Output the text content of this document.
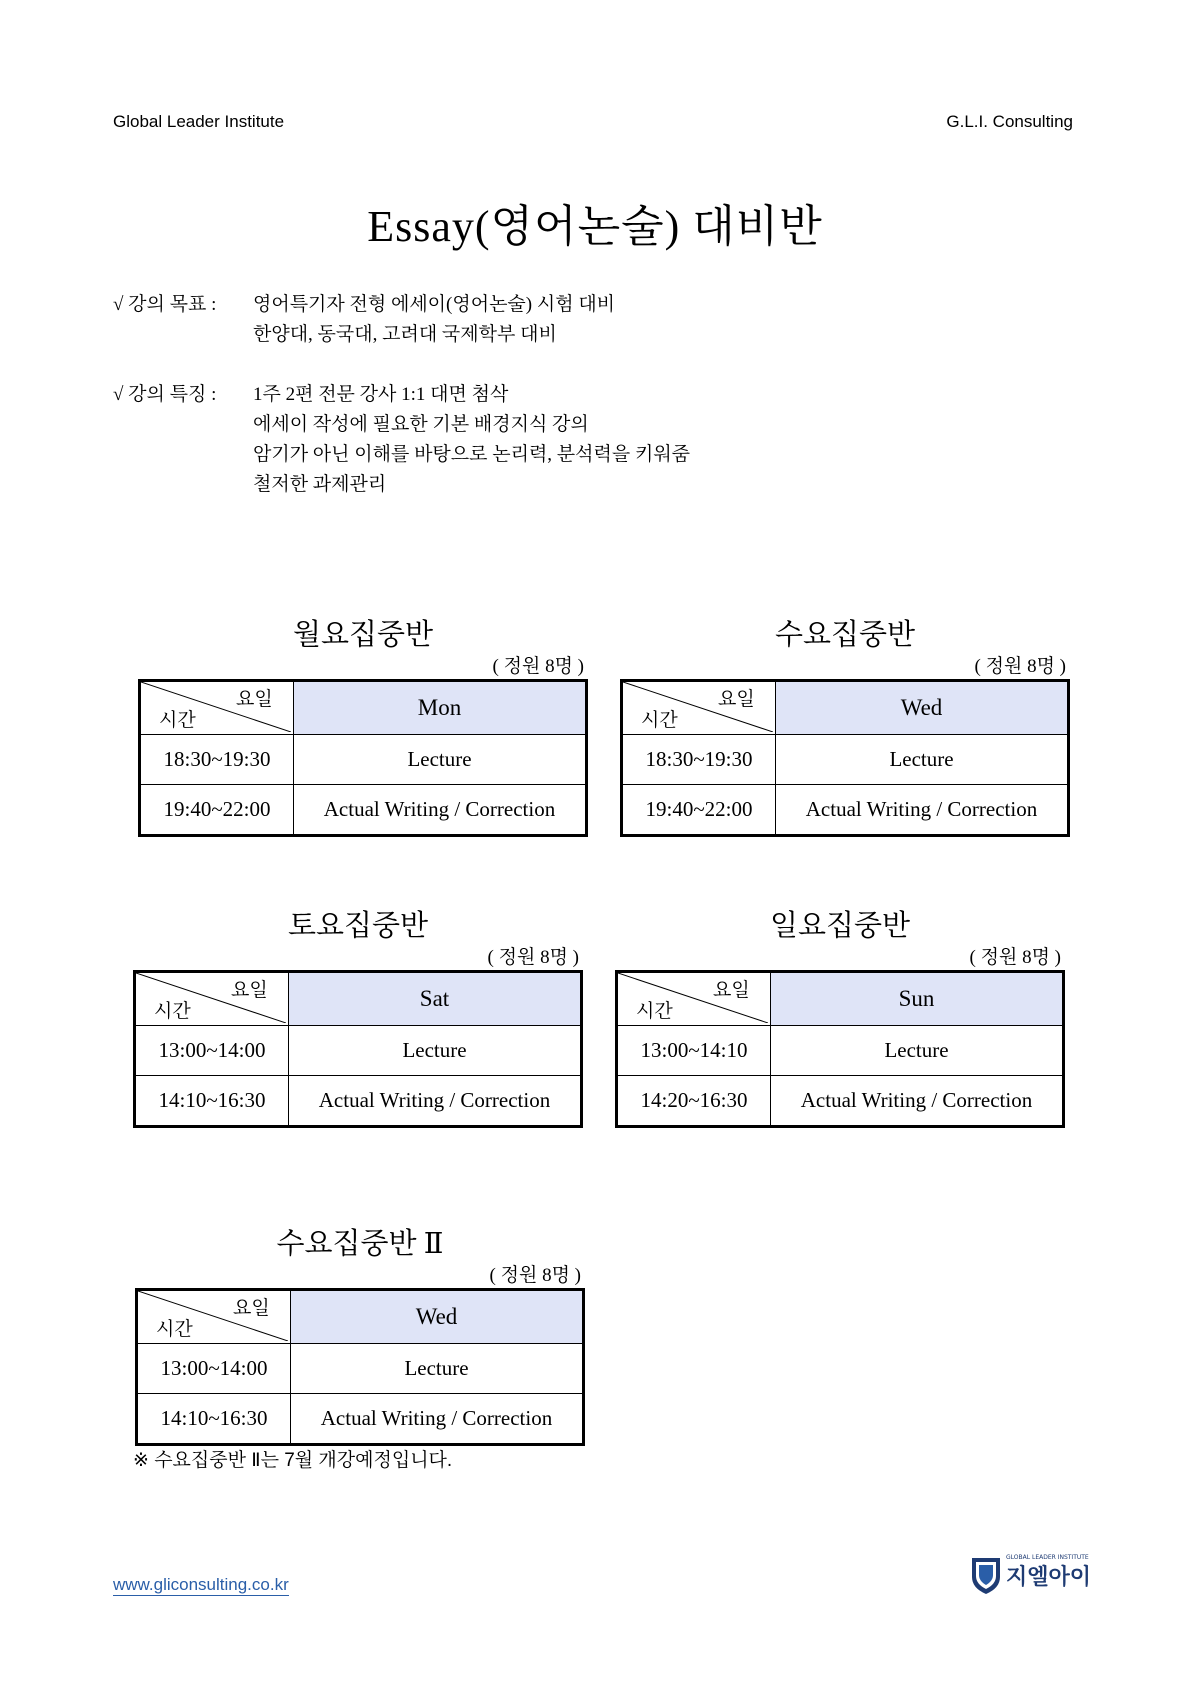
Global Leader Institute	G.L.I. Consulting
Essay(영어논술) 대비반
√ 강의 목표 :	영어특기자 전형 에세이(영어논술) 시험 대비
한양대, 동국대, 고려대 국제학부 대비
√ 강의 특징 :	1주 2편 전문 강사 1:1 대면 첨삭
에세이 작성에 필요한 기본 배경지식 강의
암기가 아닌 이해를 바탕으로 논리력, 분석력을 키워줌
철저한 과제관리
월요집중반
( 정원 8명 )
요일
시간	Mon
18:30~19:30	Lecture
19:40~22:00	Actual Writing / Correction
수요집중반
( 정원 8명 )
요일
시간	Wed
18:30~19:30	Lecture
19:40~22:00	Actual Writing / Correction
토요집중반
( 정원 8명 )
요일
시간	Sat
13:00~14:00	Lecture
14:10~16:30	Actual Writing / Correction
일요집중반
( 정원 8명 )
요일
시간	Sun
13:00~14:10	Lecture
14:20~16:30	Actual Writing / Correction
수요집중반 Ⅱ
( 정원 8명 )
요일
시간	Wed
13:00~14:00	Lecture
14:10~16:30	Actual Writing / Correction
※ 수요집중반 Ⅱ는 7월 개강예정입니다.
www.gliconsulting.co.kr
GLOBAL LEADER INSTITUTE
지엘아이
